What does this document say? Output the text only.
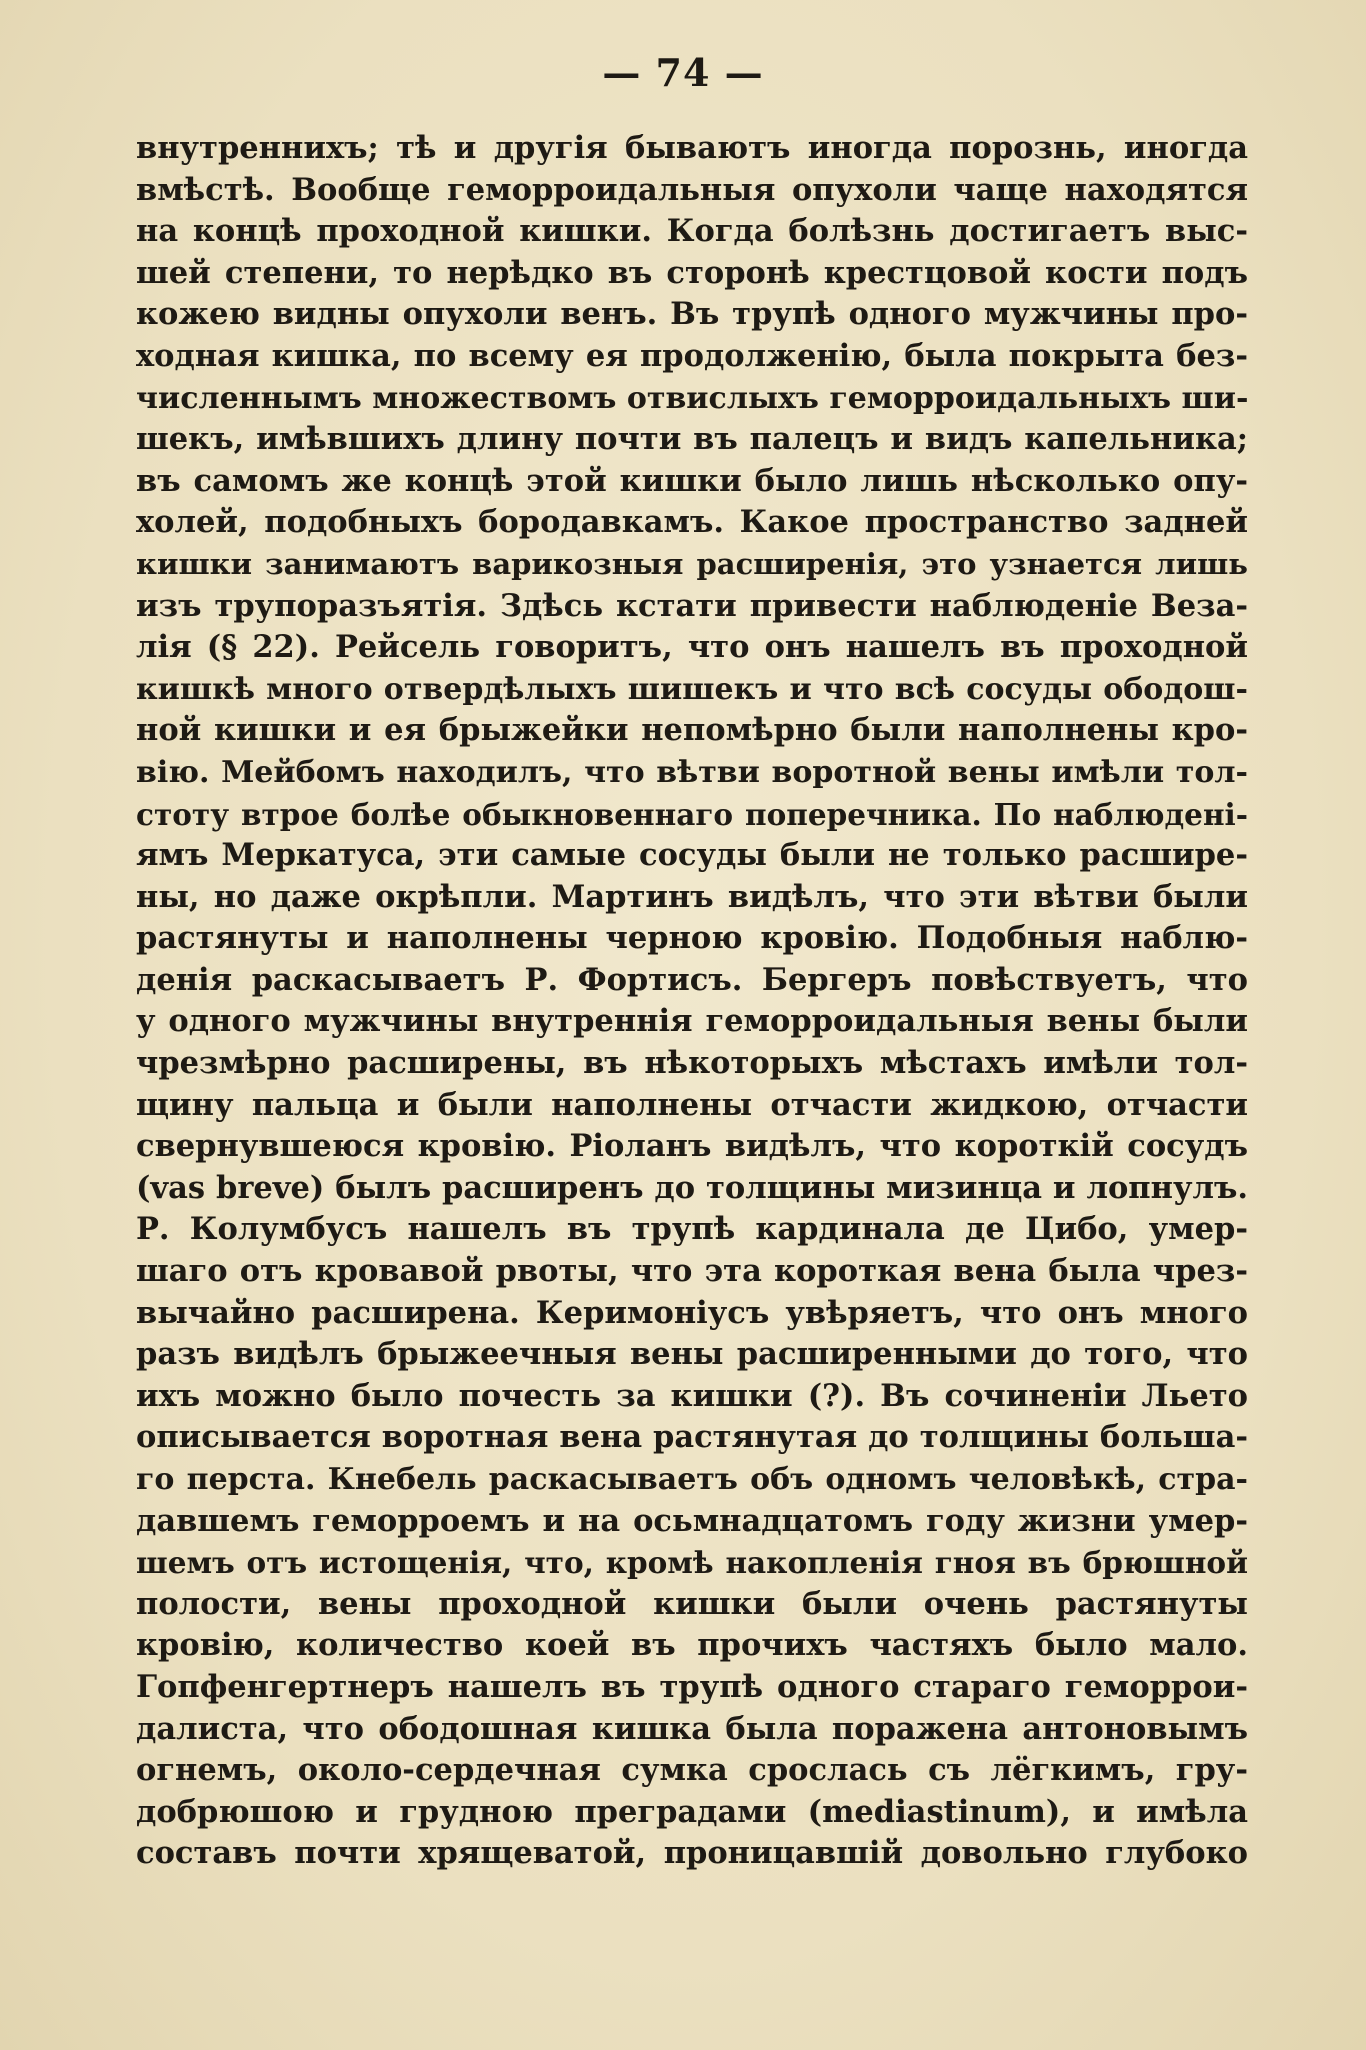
— 74 —
внутреннихъ; тѣ и другія бываютъ иногда порознь, иногда
вмѣстѣ. Вообще геморроидальныя опухоли чаще находятся
на концѣ проходной кишки. Когда болѣзнь достигаетъ выс-
шей степени, то нерѣдко въ сторонѣ крестцовой кости подъ
кожею видны опухоли венъ. Въ трупѣ одного мужчины про-
ходная кишка, по всему ея продолженію, была покрыта без-
численнымъ множествомъ отвислыхъ геморроидальныхъ ши-
шекъ, имѣвшихъ длину почти въ палецъ и видъ капельника;
въ самомъ же концѣ этой кишки было лишь нѣсколько опу-
холей, подобныхъ бородавкамъ. Какое пространство задней
кишки занимаютъ варикозныя расширенія, это узнается лишь
изъ трупоразъятія. Здѣсь кстати привести наблюденіе Веза-
лія (§ 22). Рейсель говоритъ, что онъ нашелъ въ проходной
кишкѣ много отвердѣлыхъ шишекъ и что всѣ сосуды ободош-
ной кишки и ея брыжейки непомѣрно были наполнены кро-
вію. Мейбомъ находилъ, что вѣтви воротной вены имѣли тол-
стоту втрое болѣе обыкновеннаго поперечника. По наблюдені-
ямъ Меркатуса, эти самые сосуды были не только расшире-
ны, но даже окрѣпли. Мартинъ видѣлъ, что эти вѣтви были
растянуты и наполнены черною кровію. Подобныя наблю-
денія раскасываетъ Р. Фортисъ. Бергеръ повѣствуетъ, что
у одного мужчины внутреннія геморроидальныя вены были
чрезмѣрно расширены, въ нѣкоторыхъ мѣстахъ имѣли тол-
щину пальца и были наполнены отчасти жидкою, отчасти
свернувшеюся кровію. Ріоланъ видѣлъ, что короткій сосудъ
(vas breve) былъ расширенъ до толщины мизинца и лопнулъ.
Р. Колумбусъ нашелъ въ трупѣ кардинала де Цибо, умер-
шаго отъ кровавой рвоты, что эта короткая вена была чрез-
вычайно расширена. Керимоніусъ увѣряетъ, что онъ много
разъ видѣлъ брыжеечныя вены расширенными до того, что
ихъ можно было почесть за кишки (?). Въ сочиненіи Льето
описывается воротная вена растянутая до толщины больша-
го перста. Кнебель раскасываетъ объ одномъ человѣкѣ, стра-
давшемъ геморроемъ и на осьмнадцатомъ году жизни умер-
шемъ отъ истощенія, что, кромѣ накопленія гноя въ брюшной
полости, вены проходной кишки были очень растянуты
кровію, количество коей въ прочихъ частяхъ было мало.
Гопфенгертнеръ нашелъ въ трупѣ одного стараго геморрои-
далиста, что ободошная кишка была поражена антоновымъ
огнемъ, около-сердечная сумка срослась съ лёгкимъ, гру-
добрюшою и грудною преградами (mediastinum), и имѣла
составъ почти хрящеватой, проницавшій довольно глубоко
